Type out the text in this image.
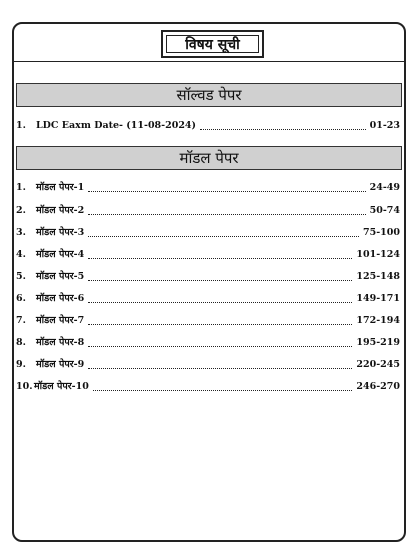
विषय सूची
सॉल्वड पेपर
1.	LDC Eaxm Date- (11-08-2024)	01-23
मॉडल पेपर
1.	मॉडल पेपर-1	24-49
2.	मॉडल पेपर-2	50-74
3.	मॉडल पेपर-3	75-100
4.	मॉडल पेपर-4	101-124
5.	मॉडल पेपर-5	125-148
6.	मॉडल पेपर-6	149-171
7.	मॉडल पेपर-7	172-194
8.	मॉडल पेपर-8	195-219
9.	मॉडल पेपर-9	220-245
10. मॉडल पेपर-10	246-270
